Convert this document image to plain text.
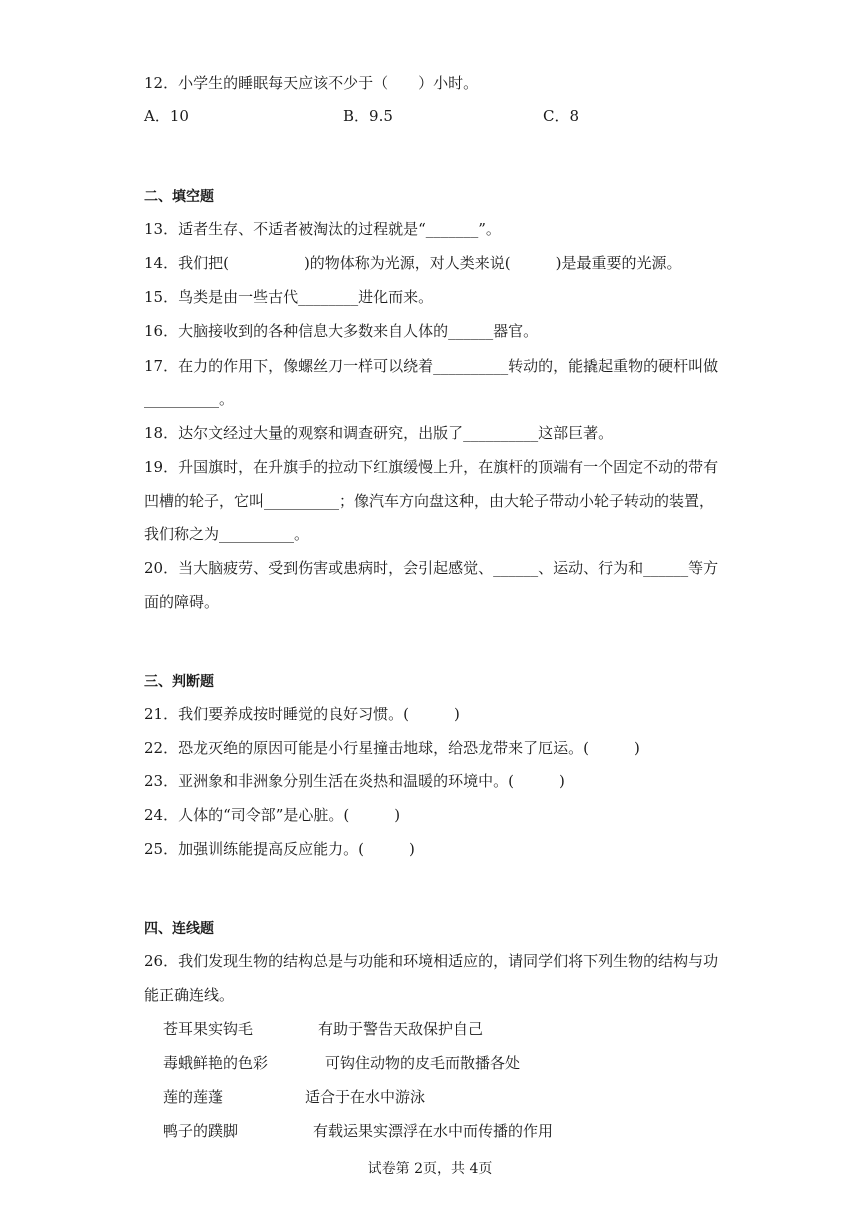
12．小学生的睡眠每天应该不少于（　　）小时。
A．10	B．9.5	C．8
二、填空题
13．适者生存、不适者被淘汰的过程就是“_______”。
14．我们把(　　　　　)的物体称为光源，对人类来说(　　　)是最重要的光源。
15．鸟类是由一些古代________进化而来。
16．大脑接收到的各种信息大多数来自人体的______器官。
17．在力的作用下，像螺丝刀一样可以绕着__________转动的，能撬起重物的硬杆叫做
__________。
18．达尔文经过大量的观察和调查研究，出版了__________这部巨著。
19．升国旗时，在升旗手的拉动下红旗缓慢上升，在旗杆的顶端有一个固定不动的带有
凹槽的轮子，它叫__________；像汽车方向盘这种，由大轮子带动小轮子转动的装置，
我们称之为__________。
20．当大脑疲劳、受到伤害或患病时，会引起感觉、______、运动、行为和______等方
面的障碍。
三、判断题
21．我们要养成按时睡觉的良好习惯。(　　　)
22．恐龙灭绝的原因可能是小行星撞击地球，给恐龙带来了厄运。(　　　)
23．亚洲象和非洲象分别生活在炎热和温暖的环境中。(　　　)
24．人体的“司令部”是心脏。(　　　)
25．加强训练能提高反应能力。(　　　)
四、连线题
26．我们发现生物的结构总是与功能和环境相适应的，请同学们将下列生物的结构与功
能正确连线。
苍耳果实钩毛	有助于警告天敌保护自己
毒蛾鲜艳的色彩	可钩住动物的皮毛而散播各处
莲的莲蓬	适合于在水中游泳
鸭子的蹼脚	有载运果实漂浮在水中而传播的作用
试卷第 2页，共 4页
